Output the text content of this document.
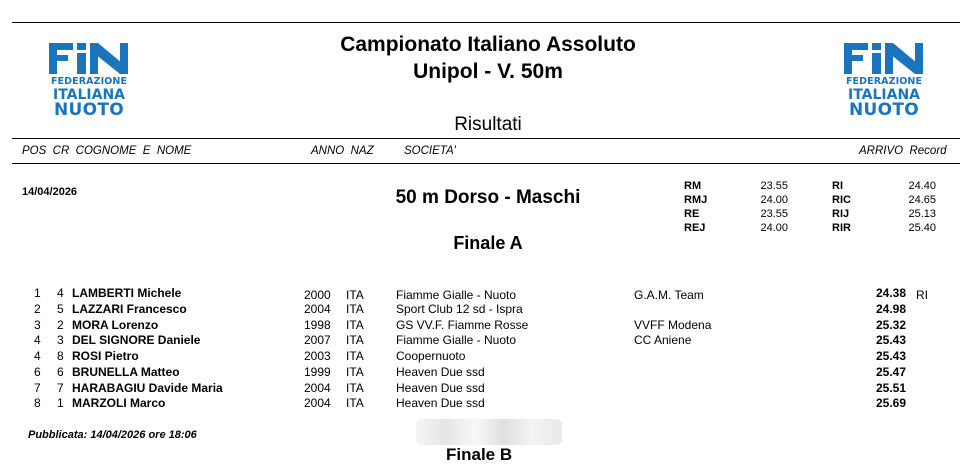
FEDERAZIONE
ITALIANA
NUOTO
FEDERAZIONE
ITALIANA
NUOTO
Campionato Italiano Assoluto
Unipol - V. 50m
Risultati
POS  CR  COGNOME  E  NOME	ANNO  NAZ	SOCIETA'	ARRIVO  Record
14/04/2026	50 m Dorso - Maschi
Finale A
RM	23.55	RI	24.40
RMJ	24.00	RIC	24.65
RE	23.55	RIJ	25.13
REJ	24.00	RIR	25.40
1 4 LAMBERTI Michele	2000 ITA	Fiamme Gialle - Nuoto	G.A.M. Team	24.38 RI
2 5 LAZZARI Francesco	2004 ITA	Sport Club 12 sd - Ispra	24.98
3 2 MORA Lorenzo	1998 ITA	GS VV.F. Fiamme Rosse	VVFF Modena	25.32
4 3 DEL SIGNORE Daniele	2007 ITA	Fiamme Gialle - Nuoto	CC Aniene	25.43
4 8 ROSI Pietro	2003 ITA	Coopernuoto	25.43
6 6 BRUNELLA Matteo	1999 ITA	Heaven Due ssd	25.47
7 7 HARABAGIU Davide Maria	2004 ITA	Heaven Due ssd	25.51
8 1 MARZOLI Marco	2004 ITA	Heaven Due ssd	25.69
Pubblicata: 14/04/2026 ore 18:06
Finale B
